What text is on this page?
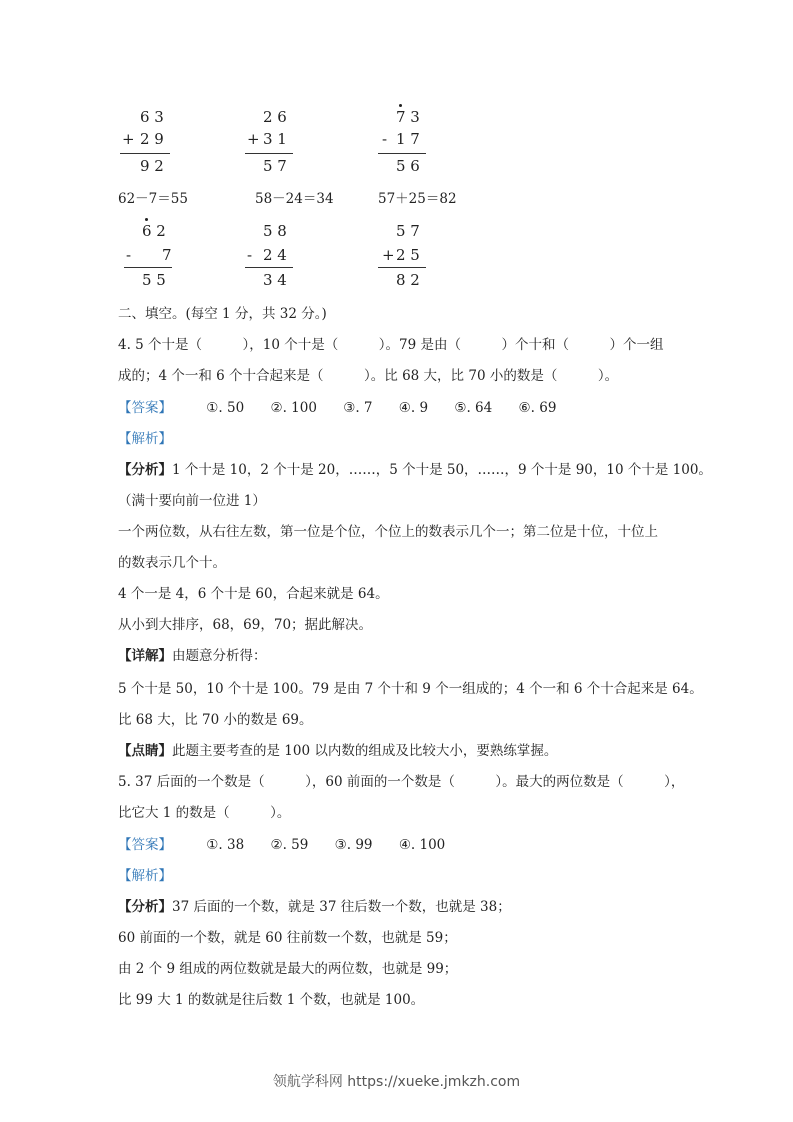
6 3
+ 2 9
9 2
2 6
+ 3 1
5 7
7 3
- 1 7
5 6
62－7＝55	58－24＝34	57＋25＝82
6 2
- 7
5 5
5 8
- 2 4
3 4
5 7
+ 2 5
8 2
二、填空。(每空 1 分，共 32 分。)
4. 5 个十是（　　　），10 个十是（　　　）。79 是由（　　　）个十和（　　　）个一组
成的；4 个一和 6 个十合起来是（　　　）。比 68 大，比 70 小的数是（　　　）。
【答案】	①. 50 ②. 100 ③. 7 ④. 9 ⑤. 64 ⑥. 69
【解析】
【分析】1 个十是 10，2 个十是 20，……，5 个十是 50，……，9 个十是 90，10 个十是 100。
（满十要向前一位进 1）
一个两位数，从右往左数，第一位是个位，个位上的数表示几个一；第二位是十位，十位上
的数表示几个十。
4 个一是 4，6 个十是 60，合起来就是 64。
从小到大排序，68，69，70；据此解决。
【详解】由题意分析得：
5 个十是 50，10 个十是 100。79 是由 7 个十和 9 个一组成的；4 个一和 6 个十合起来是 64。
比 68 大，比 70 小的数是 69。
【点睛】此题主要考查的是 100 以内数的组成及比较大小，要熟练掌握。
5. 37 后面的一个数是（　　　），60 前面的一个数是（　　　）。最大的两位数是（　　　），
比它大 1 的数是（　　　）。
【答案】	①. 38 ②. 59 ③. 99 ④. 100
【解析】
【分析】37 后面的一个数，就是 37 往后数一个数，也就是 38；
60 前面的一个数，就是 60 往前数一个数，也就是 59；
由 2 个 9 组成的两位数就是最大的两位数，也就是 99；
比 99 大 1 的数就是往后数 1 个数，也就是 100。
领航学科网 https://xueke.jmkzh.com
